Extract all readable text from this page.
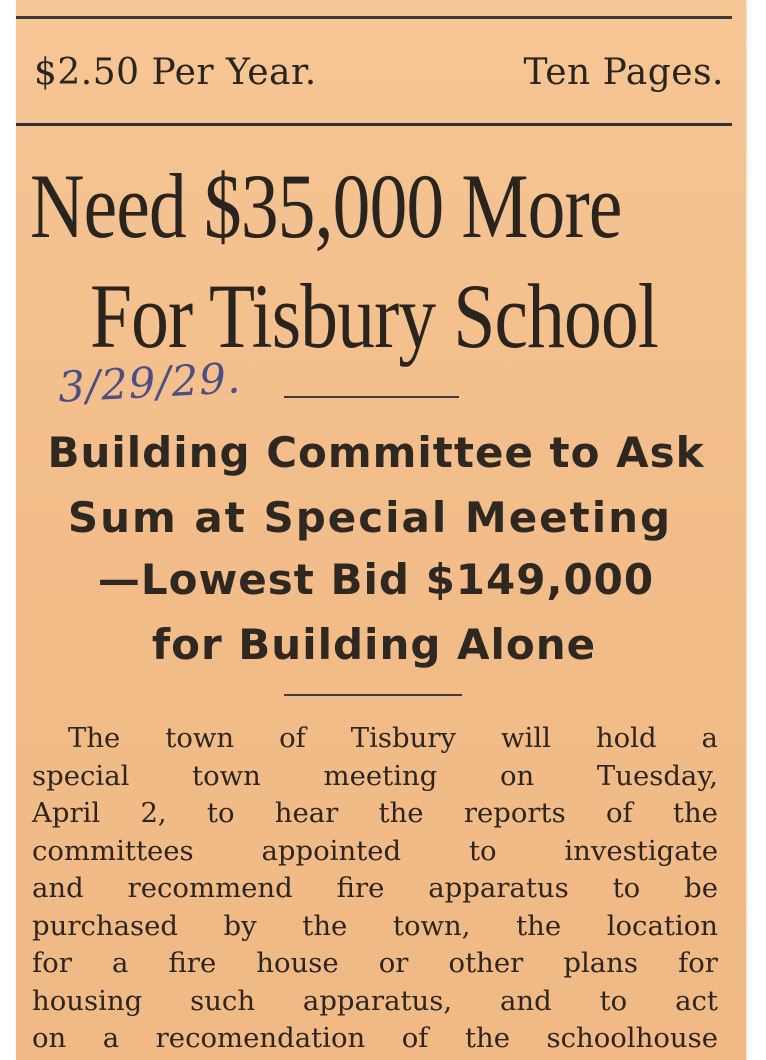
$2.50 Per Year.	Ten Pages.
Need $35,000 More
For Tisbury School
3/29/29.
Building Committee to Ask
Sum at Special Meeting
—Lowest Bid $149,000
for Building Alone
The town of Tisbury will hold a
special town meeting on Tuesday,
April 2, to hear the reports of the
committees appointed to investigate
and recommend fire apparatus to be
purchased by the town, the location
for a fire house or other plans for
housing such apparatus, and to act
on a recomendation of the schoolhouse
